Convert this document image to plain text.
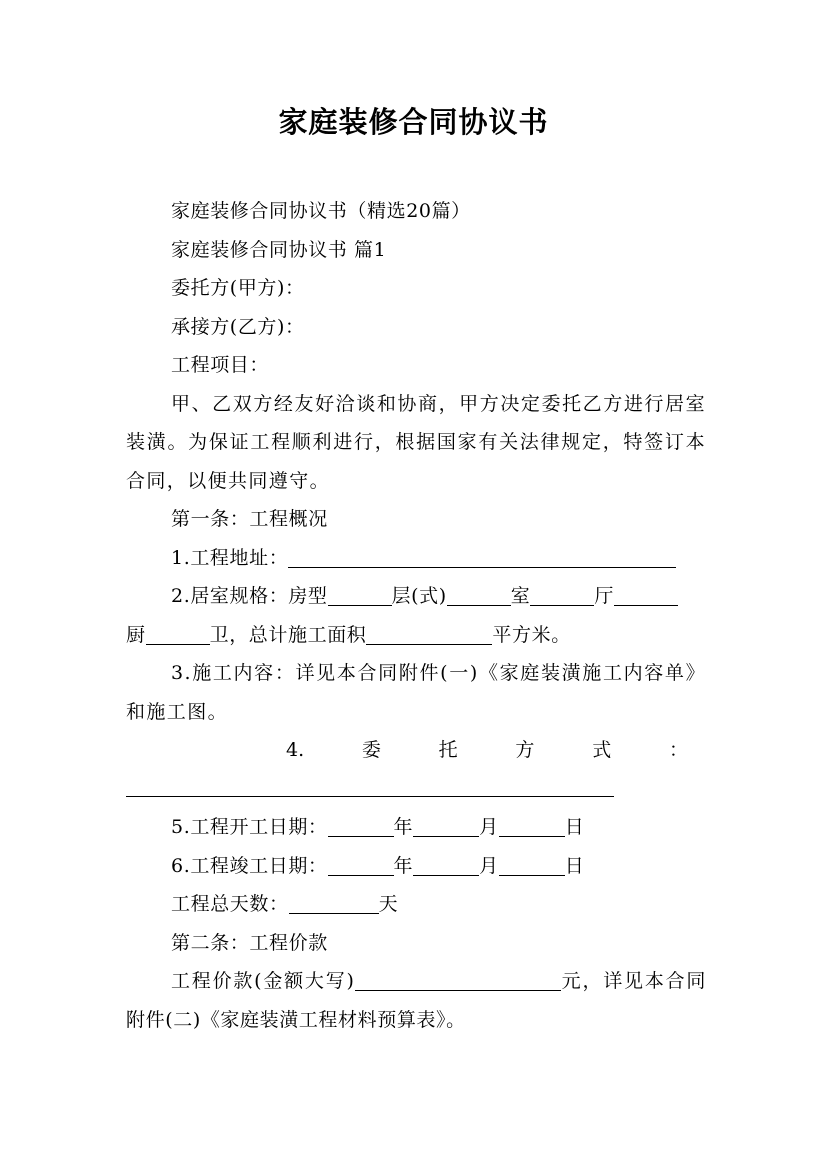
家庭装修合同协议书

家庭装修合同协议书（精选20篇）

家庭装修合同协议书 篇1

委托方(甲方)：

承接方(乙方)：

工程项目：

甲、乙双方经友好洽谈和协商，甲方决定委托乙方进行居室装潢。为保证工程顺利进行，根据国家有关法律规定，特签订本合同，以便共同遵守。

第一条：工程概况

1.工程地址：

2.居室规格：房型	层(式)	室	厅

厨	卫，总计施工面积	平方米。

3.施工内容：详见本合同附件(一)《家庭装潢施工内容单》和施工图。

4.	委	托	方	式	：

5.工程开工日期：	年	月	日

6.工程竣工日期：	年	月	日

工程总天数：	天

第二条：工程价款

工程价款(金额大写)	元，详见本合同附件(二)《家庭装潢工程材料预算表》。
